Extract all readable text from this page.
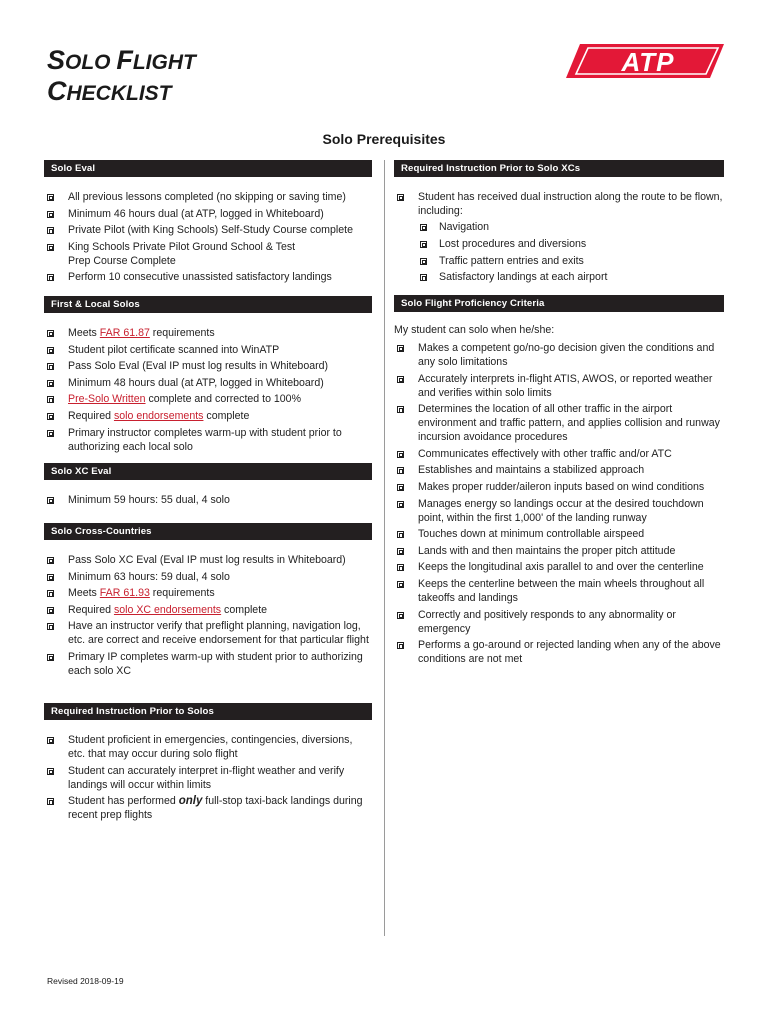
SOLO FLIGHT
CHECKLIST
ATP
Solo Prerequisites
Solo Eval
All previous lessons completed (no skipping or saving time)
Minimum 46 hours dual (at ATP, logged in Whiteboard)
Private Pilot (with King Schools) Self-Study Course complete
King Schools Private Pilot Ground School & Test Prep Course Complete
Perform 10 consecutive unassisted satisfactory landings
First & Local Solos
Meets FAR 61.87 requirements
Student pilot certificate scanned into WinATP
Pass Solo Eval (Eval IP must log results in Whiteboard)
Minimum 48 hours dual (at ATP, logged in Whiteboard)
Pre-Solo Written complete and corrected to 100%
Required solo endorsements complete
Primary instructor completes warm-up with student prior to authorizing each local solo
Solo XC Eval
Minimum 59 hours: 55 dual, 4 solo
Solo Cross-Countries
Pass Solo XC Eval (Eval IP must log results in Whiteboard)
Minimum 63 hours: 59 dual, 4 solo
Meets FAR 61.93 requirements
Required solo XC endorsements complete
Have an instructor verify that preflight planning, navigation log, etc. are correct and receive endorsement for that particular flight
Primary IP completes warm-up with student prior to authorizing each solo XC
Required Instruction Prior to Solos
Student proficient in emergencies, contingencies, diversions, etc. that may occur during solo flight
Student can accurately interpret in-flight weather and verify landings will occur within limits
Student has performed only full-stop taxi-back landings during recent prep flights
Required Instruction Prior to Solo XCs
Student has received dual instruction along the route to be flown, including:
Navigation
Lost procedures and diversions
Traffic pattern entries and exits
Satisfactory landings at each airport
Solo Flight Proficiency Criteria
My student can solo when he/she:
Makes a competent go/no-go decision given the conditions and any solo limitations
Accurately interprets in-flight ATIS, AWOS, or reported weather and verifies within solo limits
Determines the location of all other traffic in the airport environment and traffic pattern, and applies collision and runway incursion avoidance procedures
Communicates effectively with other traffic and/or ATC
Establishes and maintains a stabilized approach
Makes proper rudder/aileron inputs based on wind conditions
Manages energy so landings occur at the desired touchdown point, within the first 1,000' of the landing runway
Touches down at minimum controllable airspeed
Lands with and then maintains the proper pitch attitude
Keeps the longitudinal axis parallel to and over the centerline
Keeps the centerline between the main wheels throughout all takeoffs and landings
Correctly and positively responds to any abnormality or emergency
Performs a go-around or rejected landing when any of the above conditions are not met
Revised 2018-09-19
